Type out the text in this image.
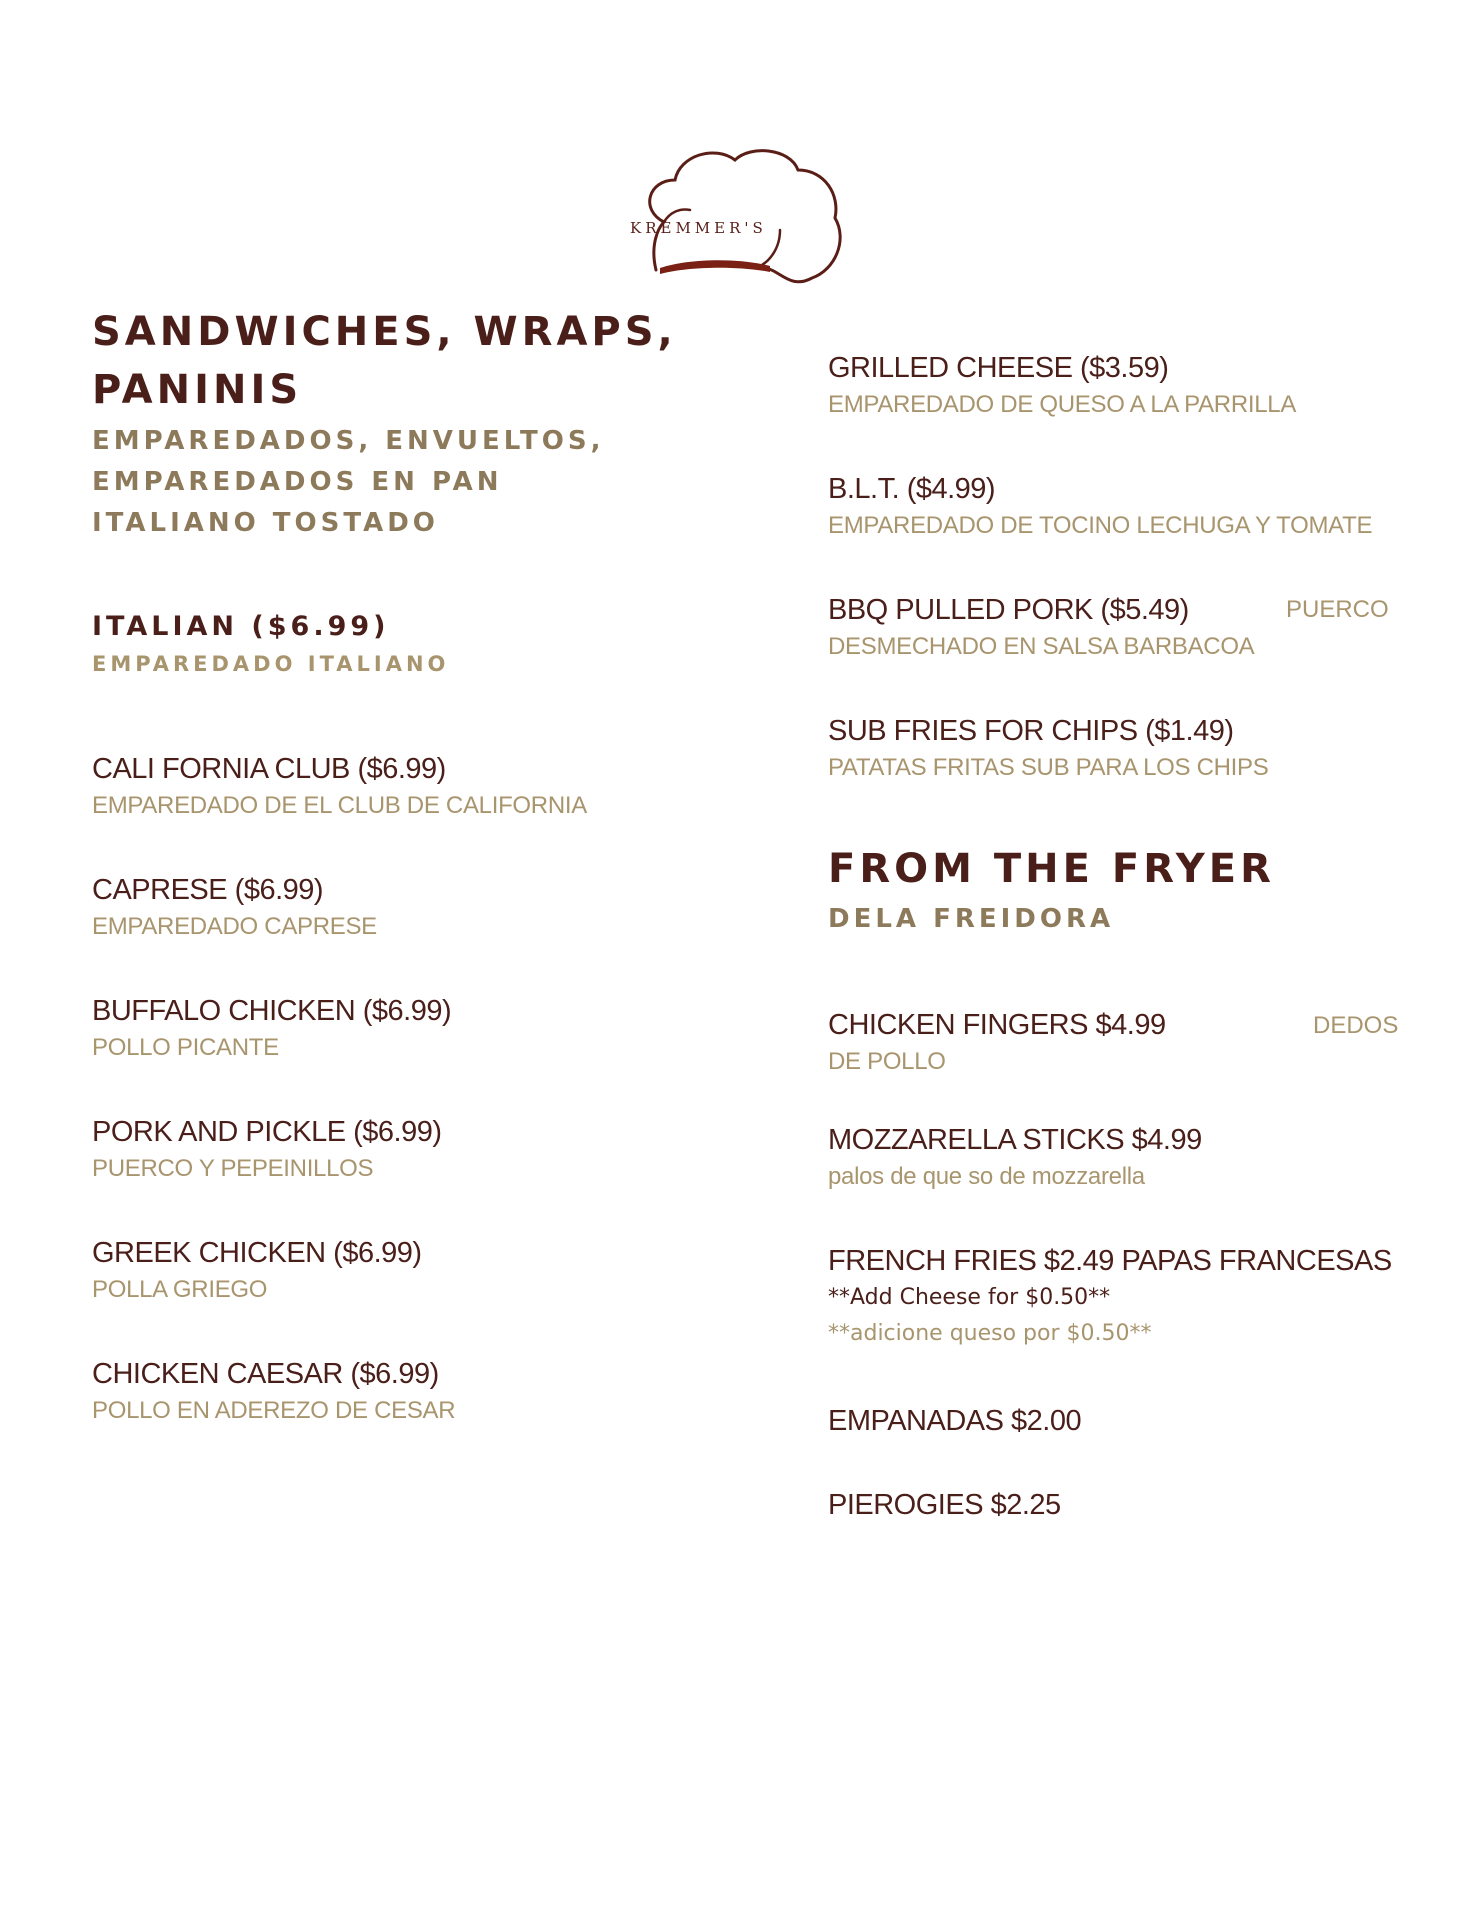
KREMMER'S
SANDWICHES, WRAPS,
PANINIS
EMPAREDADOS, ENVUELTOS,
EMPAREDADOS EN PAN
ITALIANO TOSTADO
ITALIAN ($6.99)
EMPAREDADO ITALIANO
CALI FORNIA CLUB ($6.99)
EMPAREDADO DE EL CLUB DE CALIFORNIA
CAPRESE ($6.99)
EMPAREDADO CAPRESE
BUFFALO CHICKEN ($6.99)
POLLO PICANTE
PORK AND PICKLE ($6.99)
PUERCO Y PEPEINILLOS
GREEK CHICKEN ($6.99)
POLLA GRIEGO
CHICKEN CAESAR ($6.99)
POLLO EN ADEREZO DE CESAR
GRILLED CHEESE ($3.59)
EMPAREDADO DE QUESO A LA PARRILLA
B.L.T. ($4.99)
EMPAREDADO DE TOCINO LECHUGA Y TOMATE
BBQ PULLED PORK ($5.49)
DESMECHADO EN SALSA BARBACOA
PUERCO
SUB FRIES FOR CHIPS ($1.49)
PATATAS FRITAS SUB PARA LOS CHIPS
FROM THE FRYER
DELA FREIDORA
CHICKEN FINGERS $4.99
DE POLLO
DEDOS
MOZZARELLA STICKS $4.99
palos de que so de mozzarella
FRENCH FRIES $2.49 PAPAS FRANCESAS
**Add Cheese for $0.50**
**adicione queso por $0.50**
EMPANADAS $2.00
PIEROGIES $2.25
